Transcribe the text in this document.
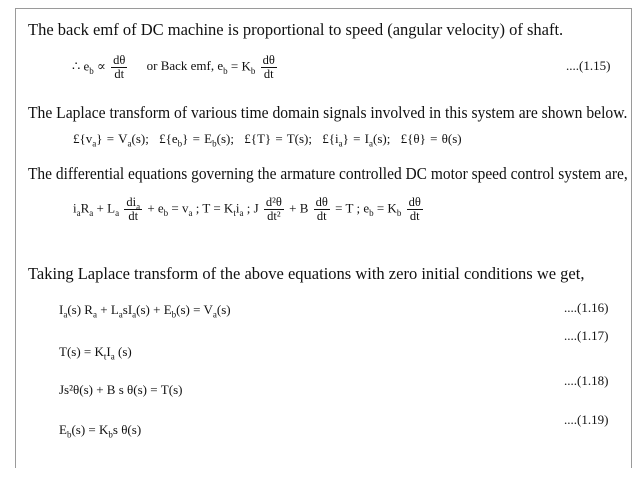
The back emf of DC machine is proportional to speed (angular velocity) of shaft.
∴ $e_b \propto \frac{d\theta}{dt}$ or Back emf, $e_b = K_b \frac{d\theta}{dt}$	....(1.15)
The Laplace transform of various time domain signals involved in this system are shown below.
$£\{v_a\} = V_a(s)$; $£\{e_b\} = E_b(s)$; £{T} = T(s); $£\{i_a\} = I_a(s)$; £{θ} = θ(s)
The differential equations governing the armature controlled DC motor speed control system are,
$i_aR_a + L_a \frac{di_a}{dt} + e_b = v_a$ ; $T = K_ti_a$ ; J $\frac{\text{d²θ}}{\text{dt²}} + B \frac{d\theta}{dt} = T$ ; $e_b = K_b \frac{d\theta}{dt}$
Taking Laplace transform of the above equations with zero initial conditions we get,
$I_a(s) R_a + L_asI_a(s) + E_b(s) = V_a(s)$	....(1.16)
$T(s) = K_tI_a$ (s)
....(1.17)
Js²θ(s) + B s θ(s) = T(s)
....(1.18)
$E_b(s) = K_bs$ θ(s)
....(1.19)
